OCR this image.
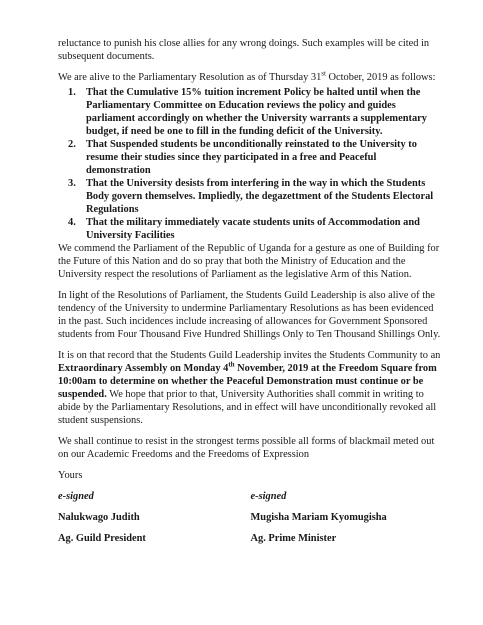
reluctance to punish his close allies for any wrong doings. Such examples will be cited in subsequent documents.

We are alive to the Parliamentary Resolution as of Thursday 31st October, 2019 as follows:

1. That the Cumulative 15% tuition increment Policy be halted until when the Parliamentary Committee on Education reviews the policy and guides parliament accordingly on whether the University warrants a supplementary budget, if need be one to fill in the funding deficit of the University.
2. That Suspended students be unconditionally reinstated to the University to resume their studies since they participated in a free and Peaceful demonstration
3. That the University desists from interfering in the way in which the Students Body govern themselves. Impliedly, the degazettment of the Students Electoral Regulations
4. That the military immediately vacate students units of Accommodation and University Facilities

We commend the Parliament of the Republic of Uganda for a gesture as one of Building for the Future of this Nation and do so pray that both the Ministry of Education and the University respect the resolutions of Parliament as the legislative Arm of this Nation.

In light of the Resolutions of Parliament, the Students Guild Leadership is also alive of the tendency of the University to undermine Parliamentary Resolutions as has been evidenced in the past. Such incidences include increasing of allowances for Government Sponsored students from Four Thousand Five Hundred Shillings Only to Ten Thousand Shillings Only.

It is on that record that the Students Guild Leadership invites the Students Community to an Extraordinary Assembly on Monday 4th November, 2019 at the Freedom Square from 10:00am to determine on whether the Peaceful Demonstration must continue or be suspended. We hope that prior to that, University Authorities shall commit in writing to abide by the Parliamentary Resolutions, and in effect will have unconditionally revoked all student suspensions.

We shall continue to resist in the strongest terms possible all forms of blackmail meted out on our Academic Freedoms and the Freedoms of Expression

Yours

e-signed	e-signed
Nalukwago Judith	Mugisha Mariam Kyomugisha
Ag. Guild President	Ag. Prime Minister
